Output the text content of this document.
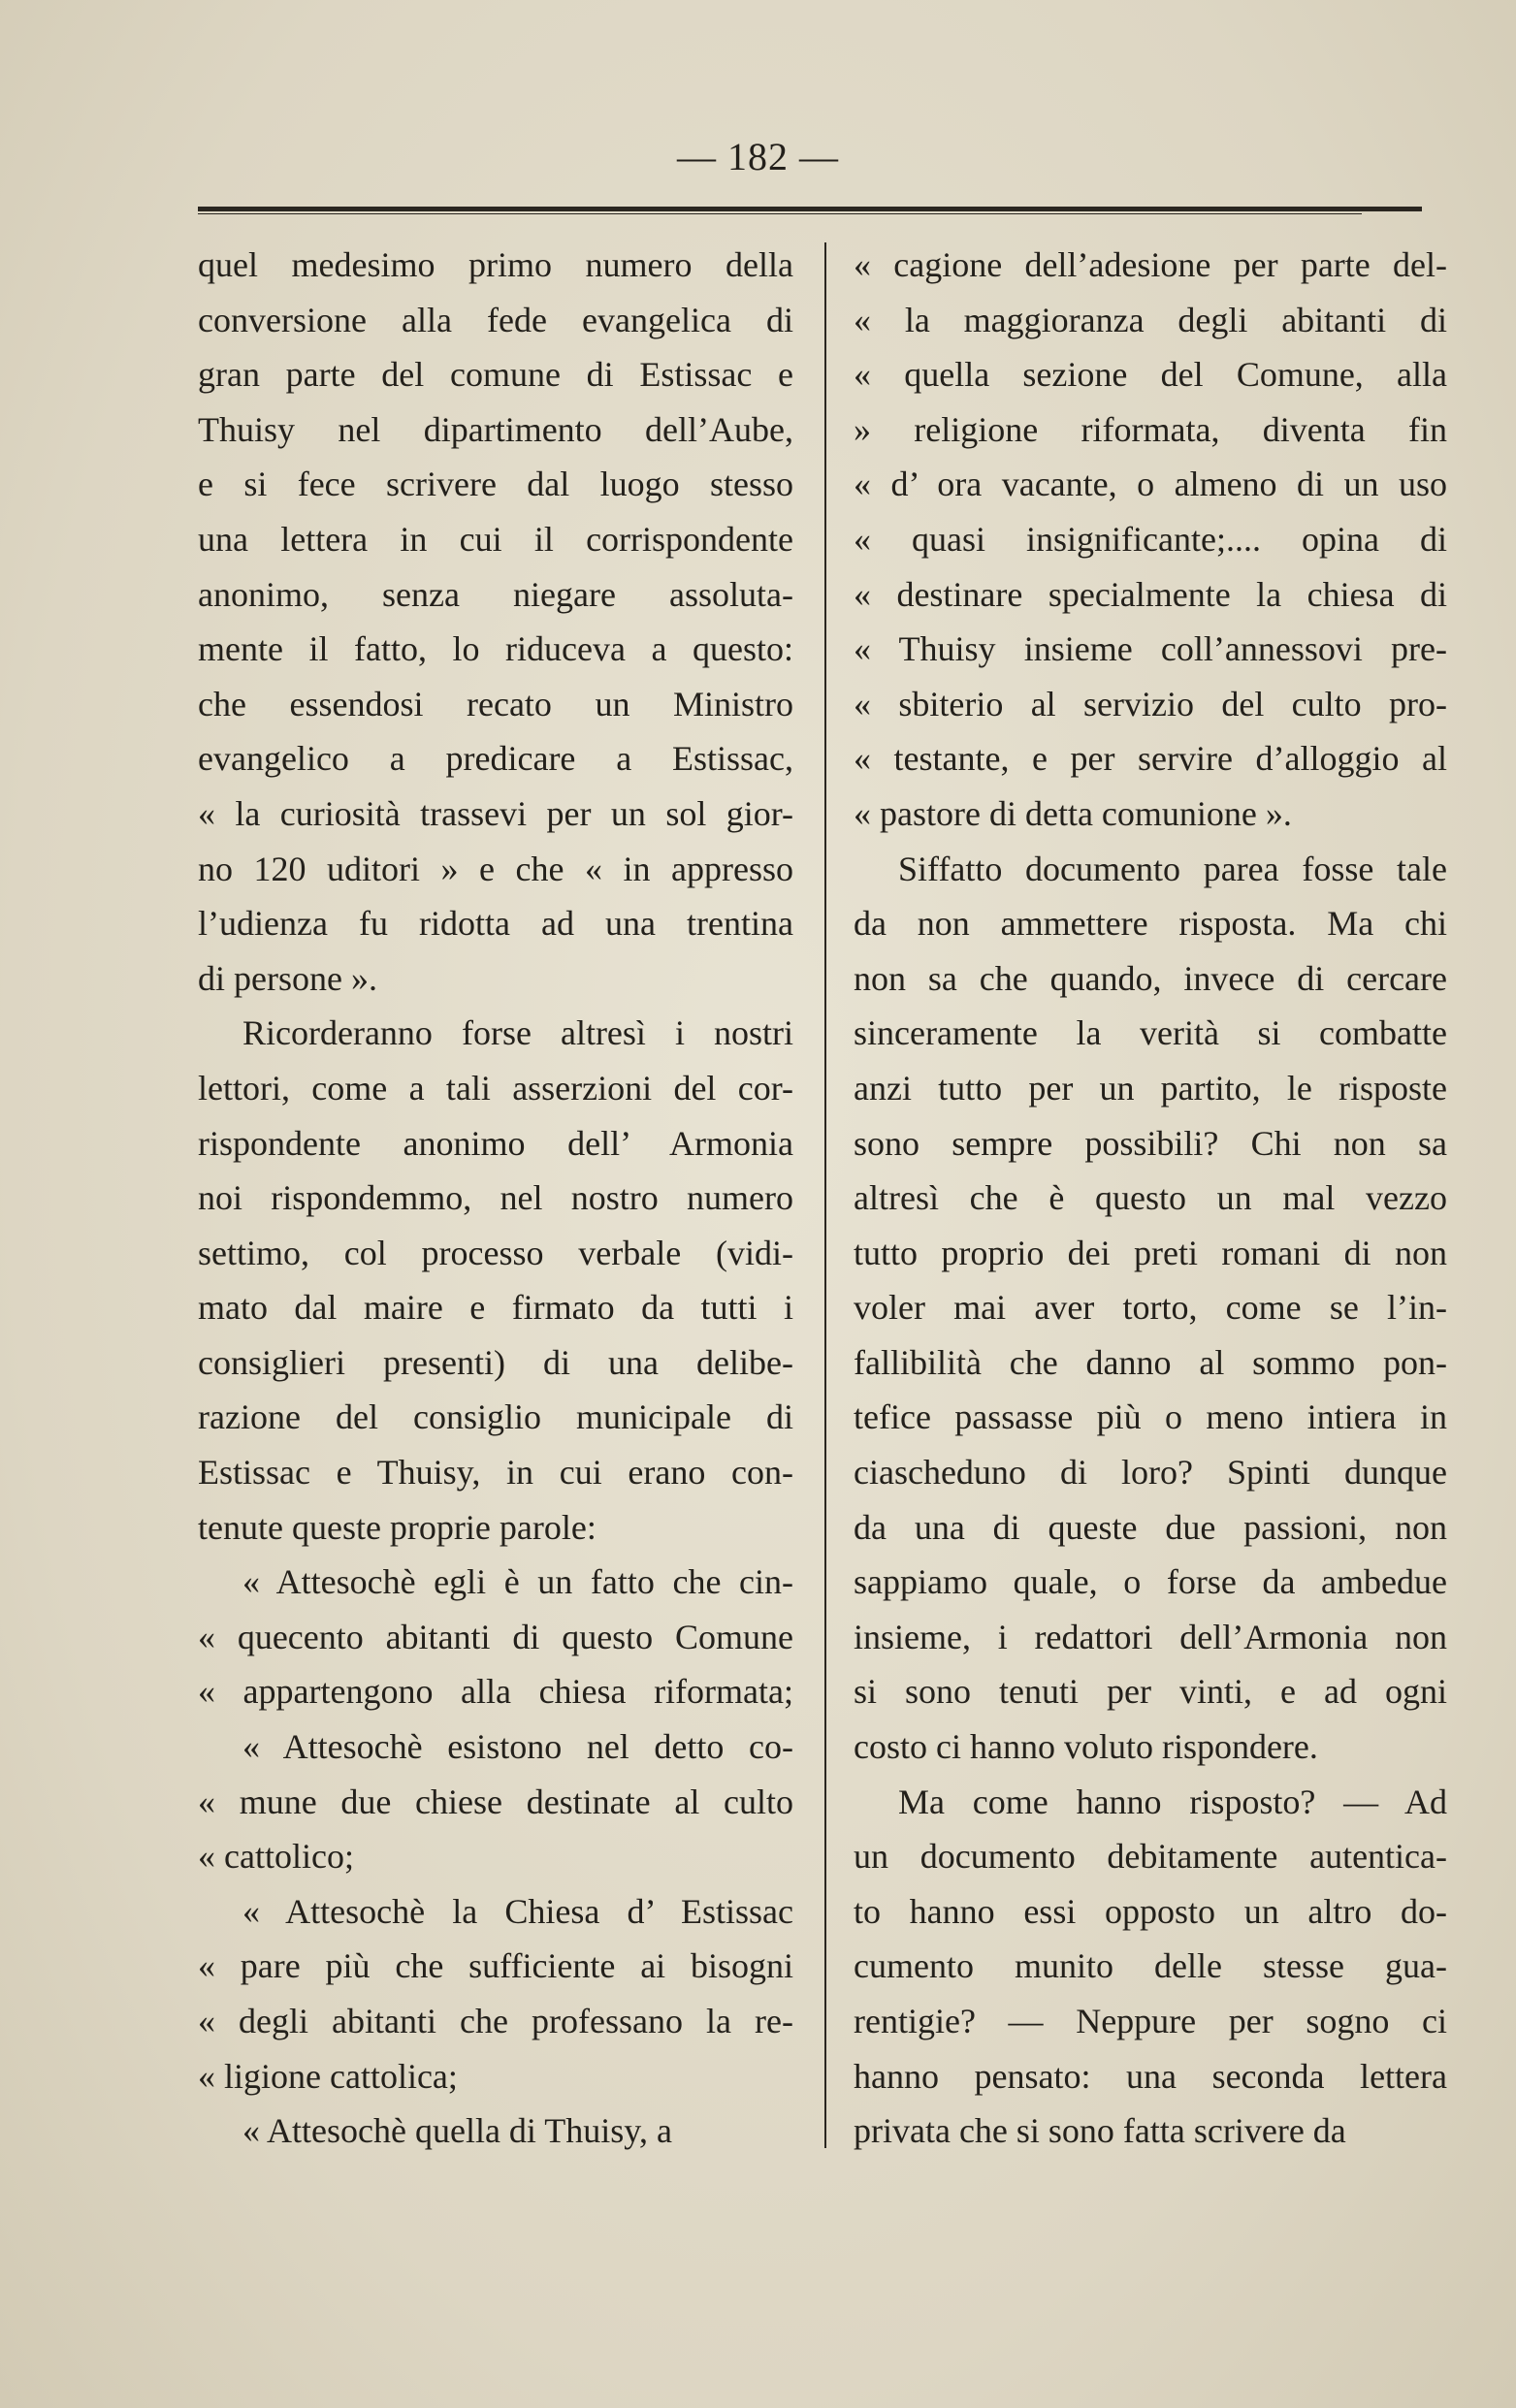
— 182 —
quel medesimo primo numero della
conversione alla fede evangelica di
gran parte del comune di Estissac e
Thuisy nel dipartimento dell’Aube,
e si fece scrivere dal luogo stesso
una lettera in cui il corrispondente
anonimo, senza niegare assoluta-
mente il fatto, lo riduceva a questo:
che essendosi recato un Ministro
evangelico a predicare a Estissac,
« la curiosità trassevi per un sol gior-
no 120 uditori » e che « in appresso
l’udienza fu ridotta ad una trentina
di persone ».
Ricorderanno forse altresì i nostri
lettori, come a tali asserzioni del cor-
rispondente anonimo dell’ Armonia
noi rispondemmo, nel nostro numero
settimo, col processo verbale (vidi-
mato dal maire e firmato da tutti i
consiglieri presenti) di una delibe-
razione del consiglio municipale di
Estissac e Thuisy, in cui erano con-
tenute queste proprie parole:
« Attesochè egli è un fatto che cin-
« quecento abitanti di questo Comune
« appartengono alla chiesa riformata;
« Attesochè esistono nel detto co-
« mune due chiese destinate al culto
« cattolico;
« Attesochè la Chiesa d’ Estissac
« pare più che sufficiente ai bisogni
« degli abitanti che professano la re-
« ligione cattolica;
« Attesochè quella di Thuisy, a
« cagione dell’adesione per parte del-
« la maggioranza degli abitanti di
« quella sezione del Comune, alla
» religione riformata, diventa fin
« d’ ora vacante, o almeno di un uso
« quasi insignificante;.... opina di
« destinare specialmente la chiesa di
« Thuisy insieme coll’annessovi pre-
« sbiterio al servizio del culto pro-
« testante, e per servire d’alloggio al
« pastore di detta comunione ».
Siffatto documento parea fosse tale
da non ammettere risposta. Ma chi
non sa che quando, invece di cercare
sinceramente la verità si combatte
anzi tutto per un partito, le risposte
sono sempre possibili? Chi non sa
altresì che è questo un mal vezzo
tutto proprio dei preti romani di non
voler mai aver torto, come se l’in-
fallibilità che danno al sommo pon-
tefice passasse più o meno intiera in
ciascheduno di loro? Spinti dunque
da una di queste due passioni, non
sappiamo quale, o forse da ambedue
insieme, i redattori dell’Armonia non
si sono tenuti per vinti, e ad ogni
costo ci hanno voluto rispondere.
Ma come hanno risposto? — Ad
un documento debitamente autentica-
to hanno essi opposto un altro do-
cumento munito delle stesse gua-
rentigie? — Neppure per sogno ci
hanno pensato: una seconda lettera
privata che si sono fatta scrivere da
